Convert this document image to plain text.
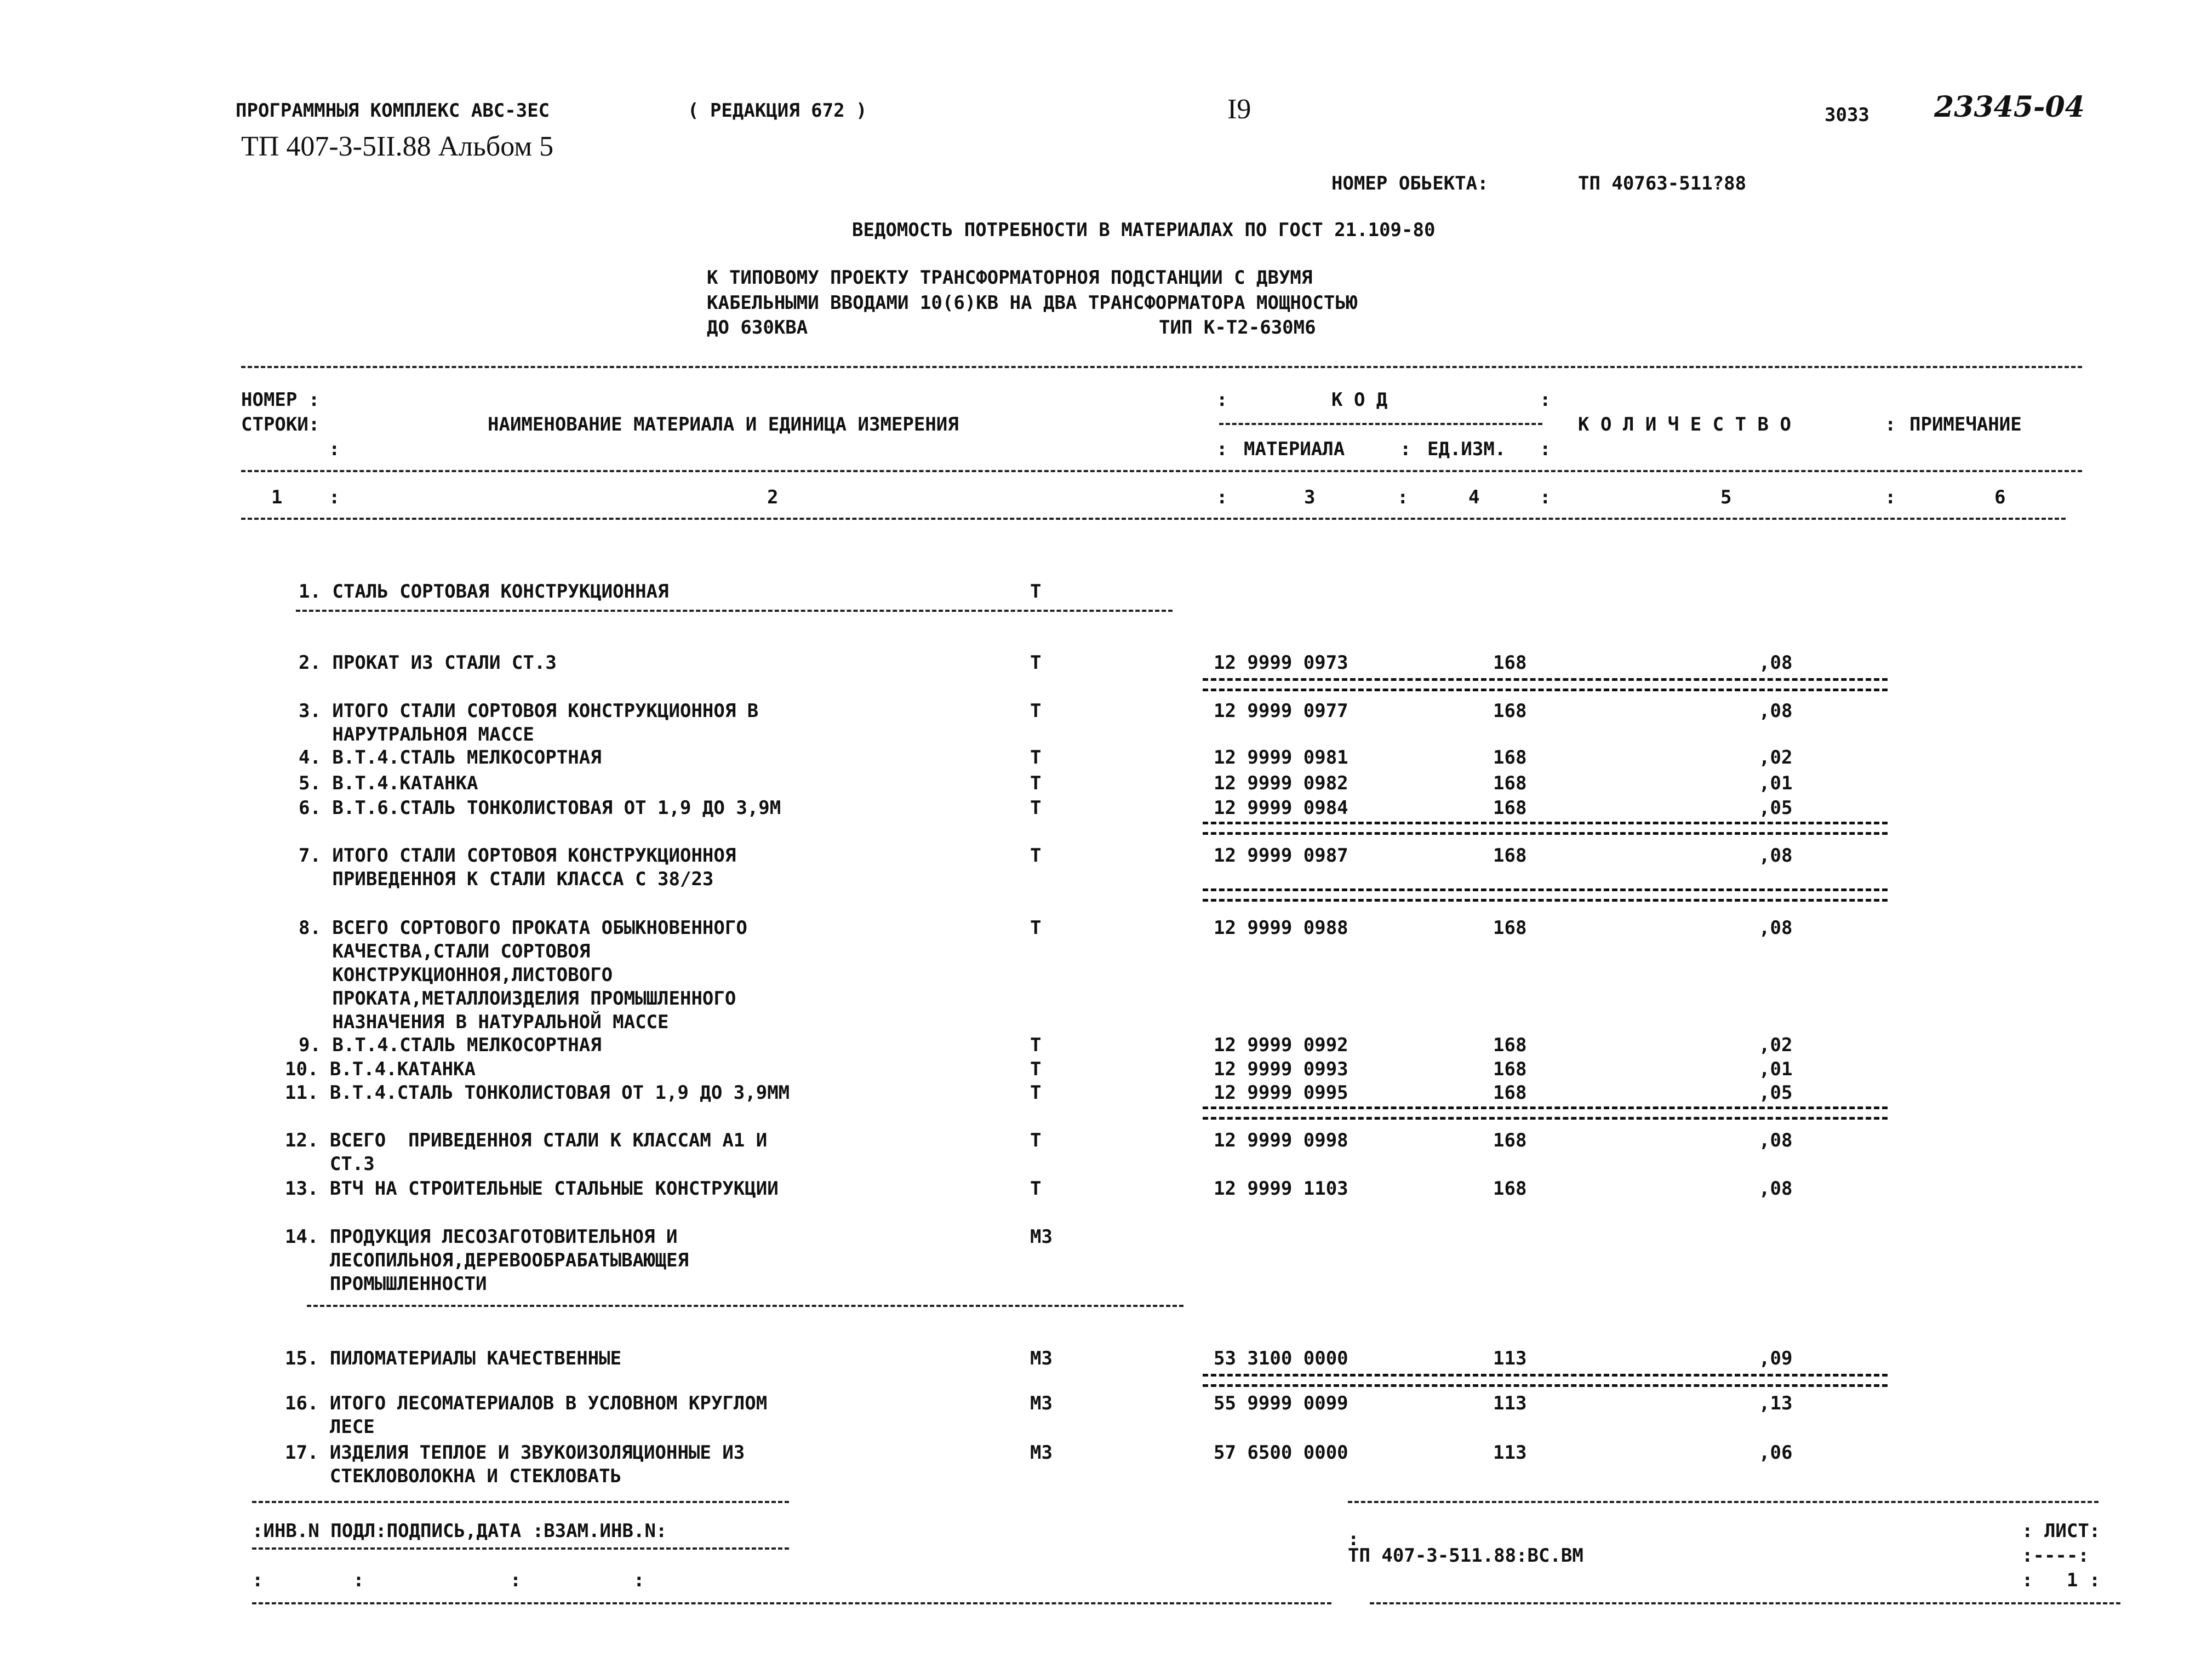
ПРОГРАММНЫЯ КОМПЛЕКС АВС-ЗЕС	( РЕДАКЦИЯ 672 )	I9	3033 23345-04
ТП 407-3-5II.88 Альбом 5
НОМЕР ОБЬЕКТА:	ТП 40763-511?88
ВЕДОМОСТЬ ПОТРЕБНОСТИ В МАТЕРИАЛАХ ПО ГОСТ 21.109-80
К ТИПОВОМУ ПРОЕКТУ ТРАНСФОРМАТОРНОЯ ПОДСТАНЦИИ С ДВУМЯ
КАБЕЛЬНЫМИ ВВОДАМИ 10(6)КВ НА ДВА ТРАНСФОРМАТОРА МОЩНОСТЬЮ
ДО 630КВА	ТИП К-Т2-630М6
НОМЕР :
СТРОКИ:
:
НАИМЕНОВАНИЕ МАТЕРИАЛА И ЕДИНИЦА ИЗМЕРЕНИЯ
К О Д
:	:
МАТЕРИАЛА	ЕД.ИЗМ.
:	:	:
К О Л И Ч Е С Т В О	: ПРИМЕЧАНИЕ
1	2	3	4	5	6
:	:	:	:	:
1. СТАЛЬ СОРТОВАЯ КОНСТРУКЦИОННАЯ	Т
2. ПРОКАТ ИЗ СТАЛИ СТ.3	Т	12 9999 0973	168	,08
3. ИТОГО СТАЛИ СОРТОВОЯ КОНСТРУКЦИОННОЯ В
НАРУТРАЛЬНОЯ МАССЕ
Т	12 9999 0977	168	,08
4. В.Т.4.СТАЛЬ МЕЛКОСОРТНАЯ	Т	12 9999 0981	168	,02
5. В.Т.4.КАТАНКА	Т	12 9999 0982	168	,01
6. В.Т.6.СТАЛЬ ТОНКОЛИСТОВАЯ ОТ 1,9 ДО 3,9М	Т	12 9999 0984	168	,05
7. ИТОГО СТАЛИ СОРТОВОЯ КОНСТРУКЦИОННОЯ
ПРИВЕДЕННОЯ К СТАЛИ КЛАССА С 38/23
Т	12 9999 0987	168	,08
8. ВСЕГО СОРТОВОГО ПРОКАТА ОБЫКНОВЕННОГО
КАЧЕСТВА,СТАЛИ СОРТОВОЯ
КОНСТРУКЦИОННОЯ,ЛИСТОВОГО
ПРОКАТА,МЕТАЛЛОИЗДЕЛИЯ ПРОМЫШЛЕННОГО
НАЗНАЧЕНИЯ В НАТУРАЛЬНОЙ МАССЕ
Т	12 9999 0988	168	,08
9. В.Т.4.СТАЛЬ МЕЛКОСОРТНАЯ	Т	12 9999 0992	168	,02
10. В.Т.4.КАТАНКА	Т	12 9999 0993	168	,01
11. В.Т.4.СТАЛЬ ТОНКОЛИСТОВАЯ ОТ 1,9 ДО 3,9ММ	Т	12 9999 0995	168	,05
12. ВСЕГО  ПРИВЕДЕННОЯ СТАЛИ К КЛАССАМ А1 И
СТ.3
Т	12 9999 0998	168	,08
13. ВТЧ НА СТРОИТЕЛЬНЫЕ СТАЛЬНЫЕ КОНСТРУКЦИИ	Т	12 9999 1103	168	,08
14. ПРОДУКЦИЯ ЛЕСОЗАГОТОВИТЕЛЬНОЯ И
ЛЕСОПИЛЬНОЯ,ДЕРЕВООБРАБАТЫВАЮЩЕЯ
ПРОМЫШЛЕННОСТИ
М3
15. ПИЛОМАТЕРИАЛЫ КАЧЕСТВЕННЫЕ	М3	53 3100 0000	113	,09
16. ИТОГО ЛЕСОМАТЕРИАЛОВ В УСЛОВНОМ КРУГЛОМ
ЛЕСЕ
М3	55 9999 0099	113	,13
17. ИЗДЕЛИЯ ТЕПЛОЕ И ЗВУКОИЗОЛЯЦИОННЫЕ ИЗ
СТЕКЛОВОЛОКНА И СТЕКЛОВАТЬ
М3	57 6500 0000	113	,06
:ИНВ.N ПОДЛ:ПОДПИСЬ,ДАТА :ВЗАМ.ИНВ.N:
:        :             :          :
:
ТП 407-3-511.88:ВС.ВМ
: ЛИСТ:
:----:
:   1 :
